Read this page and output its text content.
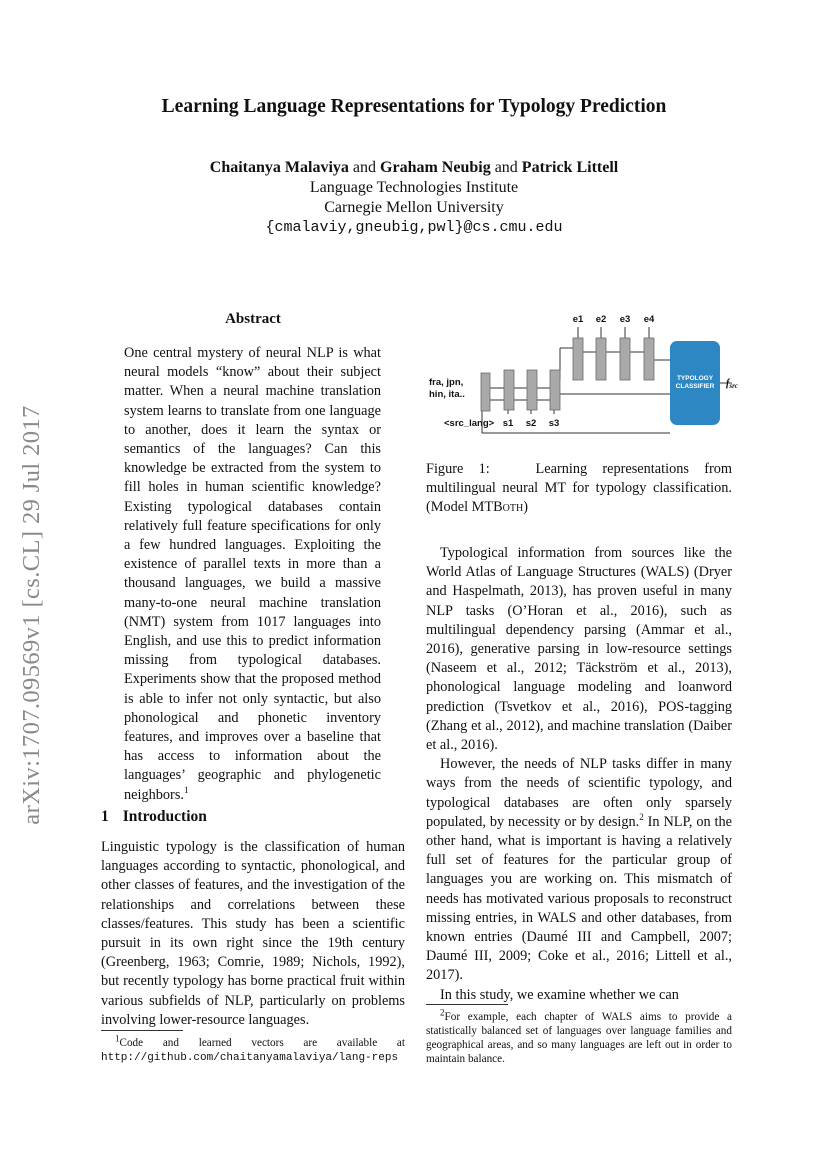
arXiv:1707.09569v1 [cs.CL] 29 Jul 2017
Learning Language Representations for Typology Prediction
Chaitanya Malaviya and Graham Neubig and Patrick Littell
Language Technologies Institute
Carnegie Mellon University
{cmalaviy,gneubig,pwl}@cs.cmu.edu
Abstract
One central mystery of neural NLP is what neural models “know” about their subject matter. When a neural machine translation system learns to translate from one language to another, does it learn the syntax or semantics of the languages? Can this knowledge be extracted from the system to fill holes in human scientific knowledge? Existing typological databases contain relatively full feature specifications for only a few hundred languages. Exploiting the existence of parallel texts in more than a thousand languages, we build a massive many-to-one neural machine translation (NMT) system from 1017 languages into English, and use this to predict information missing from typological databases. Experiments show that the proposed method is able to infer not only syntactic, but also phonological and phonetic inventory features, and improves over a baseline that has access to information about the languages’ geographic and phylogenetic neighbors.$^1$
1 Introduction

Linguistic typology is the classification of human languages according to syntactic, phonological, and other classes of features, and the investigation of the relationships and correlations between these classes/features. This study has been a scientific pursuit in its own right since the 19th century (Greenberg, 1963; Comrie, 1989; Nichols, 1992), but recently typology has borne practical fruit within various subfields of NLP, particularly on problems involving lower-resource languages.

$^1$Code and learned vectors are available at http://github.com/chaitanyamalaviya/lang-reps
e1 e2 e3 e4
fra, jpn,
hin, ita..
<src_lang> s1 s2 s3
TYPOLOGY
CLASSIFIER $f_{src}$
Figure 1:	Learning representations from multilingual neural MT for typology classification. (Model MTBoth)

Typological information from sources like the World Atlas of Language Structures (WALS) (Dryer and Haspelmath, 2013), has proven useful in many NLP tasks (O’Horan et al., 2016), such as multilingual dependency parsing (Ammar et al., 2016), generative parsing in low-resource settings (Naseem et al., 2012; Täckström et al., 2013), phonological language modeling and loanword prediction (Tsvetkov et al., 2016), POS-tagging (Zhang et al., 2012), and machine translation (Daiber et al., 2016).

However, the needs of NLP tasks differ in many ways from the needs of scientific typology, and typological databases are often only sparsely populated, by necessity or by design.$^2$ In NLP, on the other hand, what is important is having a relatively full set of features for the particular group of languages you are working on. This mismatch of needs has motivated various proposals to reconstruct missing entries, in WALS and other databases, from known entries (Daumé III and Campbell, 2007; Daumé III, 2009; Coke et al., 2016; Littell et al., 2017).

In this study, we examine whether we can

$^2$For example, each chapter of WALS aims to provide a statistically balanced set of languages over language families and geographical areas, and so many languages are left out in order to maintain balance.
